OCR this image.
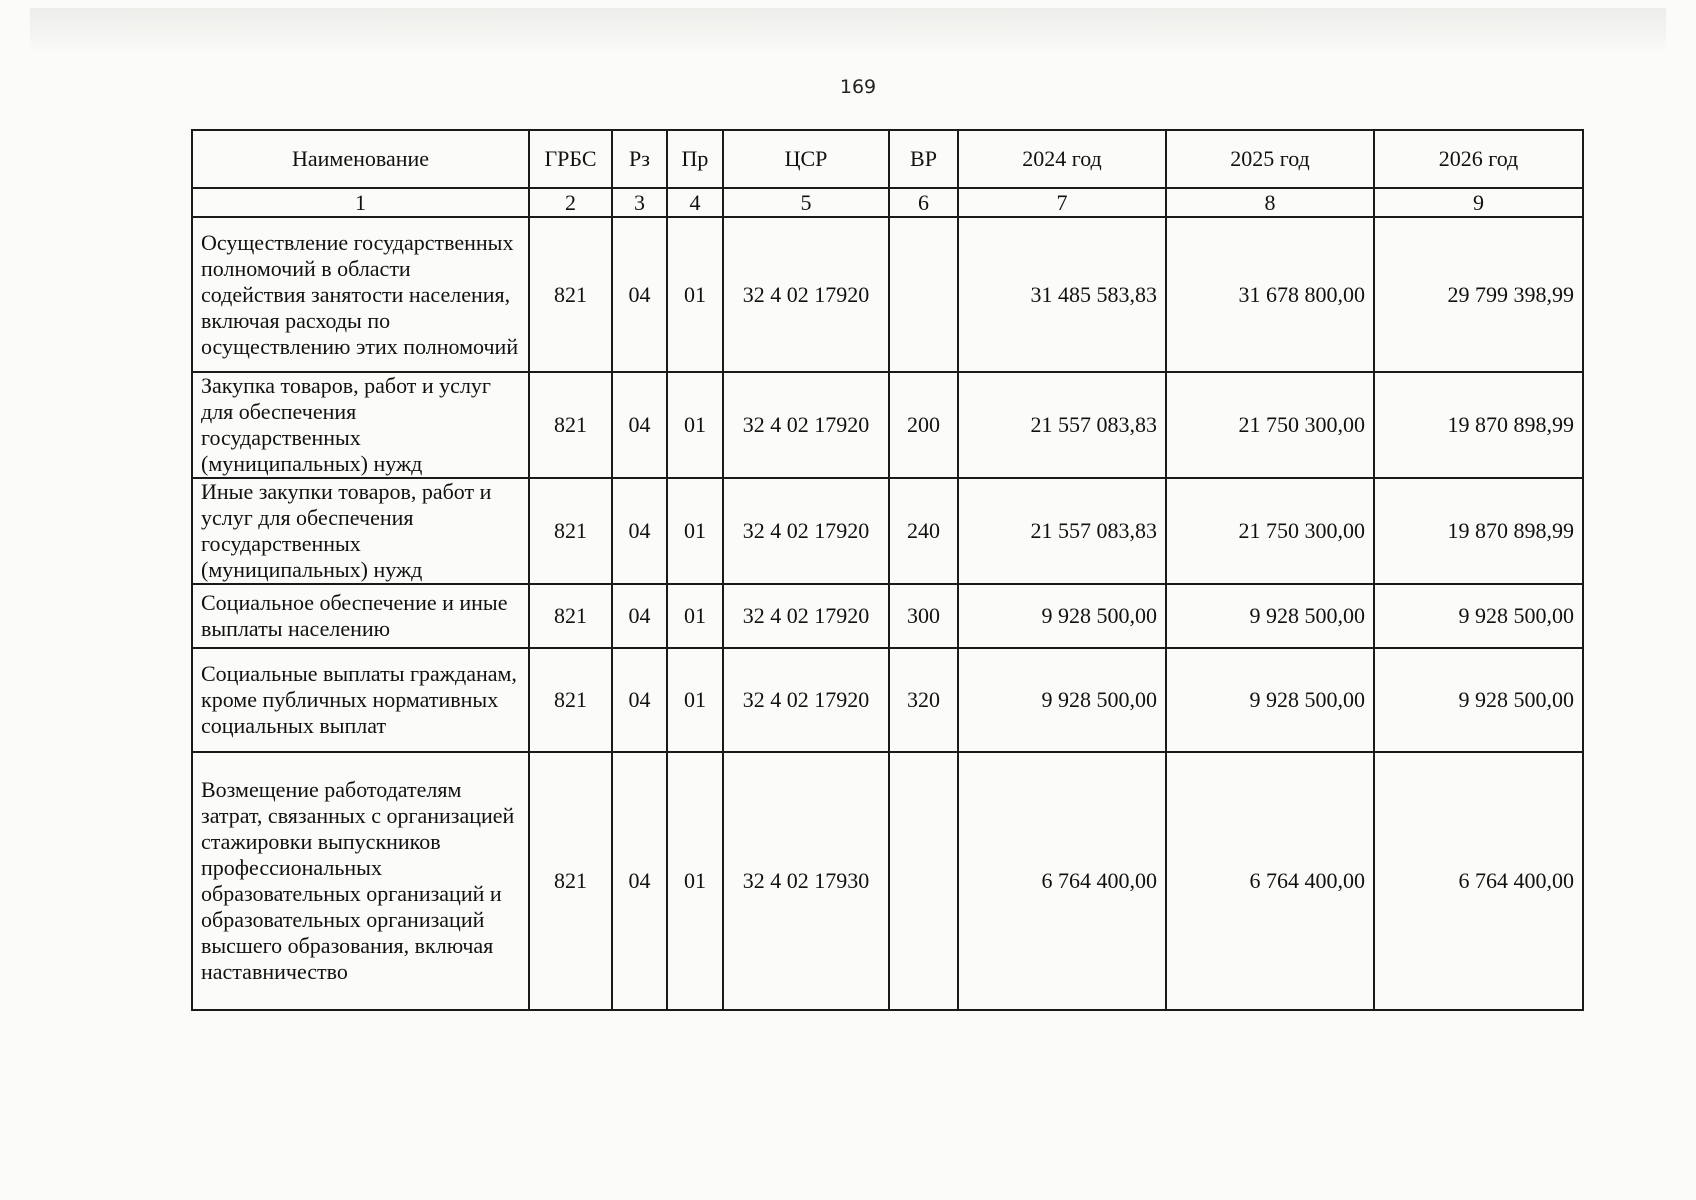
169
Наименование	ГРБС	Рз	Пр	ЦСР	ВР	2024 год	2025 год	2026 год
1	2	3	4	5	6	7	8	9
Осуществление государственных полномочий в области содействия занятости населения, включая расходы по осуществлению этих полномочий	821	04	01	32 4 02 17920		31 485 583,83	31 678 800,00	29 799 398,99
Закупка товаров, работ и услуг для обеспечения государственных (муниципальных) нужд	821	04	01	32 4 02 17920	200	21 557 083,83	21 750 300,00	19 870 898,99
Иные закупки товаров, работ и услуг для обеспечения государственных (муниципальных) нужд	821	04	01	32 4 02 17920	240	21 557 083,83	21 750 300,00	19 870 898,99
Социальное обеспечение и иные выплаты населению	821	04	01	32 4 02 17920	300	9 928 500,00	9 928 500,00	9 928 500,00
Социальные выплаты гражданам, кроме публичных нормативных социальных выплат	821	04	01	32 4 02 17920	320	9 928 500,00	9 928 500,00	9 928 500,00
Возмещение работодателям затрат, связанных с организацией стажировки выпускников профессиональных образовательных организаций и образовательных организаций высшего образования, включая наставничество	821	04	01	32 4 02 17930		6 764 400,00	6 764 400,00	6 764 400,00
